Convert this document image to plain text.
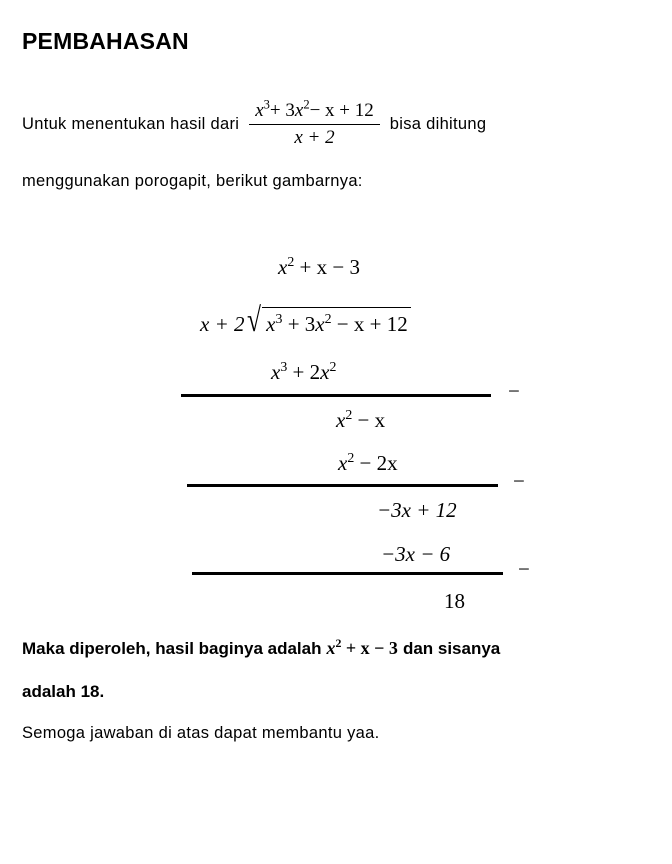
PEMBAHASAN
Untuk menentukan hasil dari $\frac{x^3+ 3x^2- x + 12}{x + 2}$ bisa dihitung
menggunakan porogapit, berikut gambarnya:
$x^2 + x - 3$
x + 2 √ $x^3 + 3x^2 - x + 12$
$x^3 + 2x^2$
−
$x^2 - x$
$x^2 - 2x$
−
−3x + 12
−3x − 6
−
18
Maka diperoleh, hasil baginya adalah $x^2 + x - 3$ dan sisanya
adalah 18.
Semoga jawaban di atas dapat membantu yaa.
